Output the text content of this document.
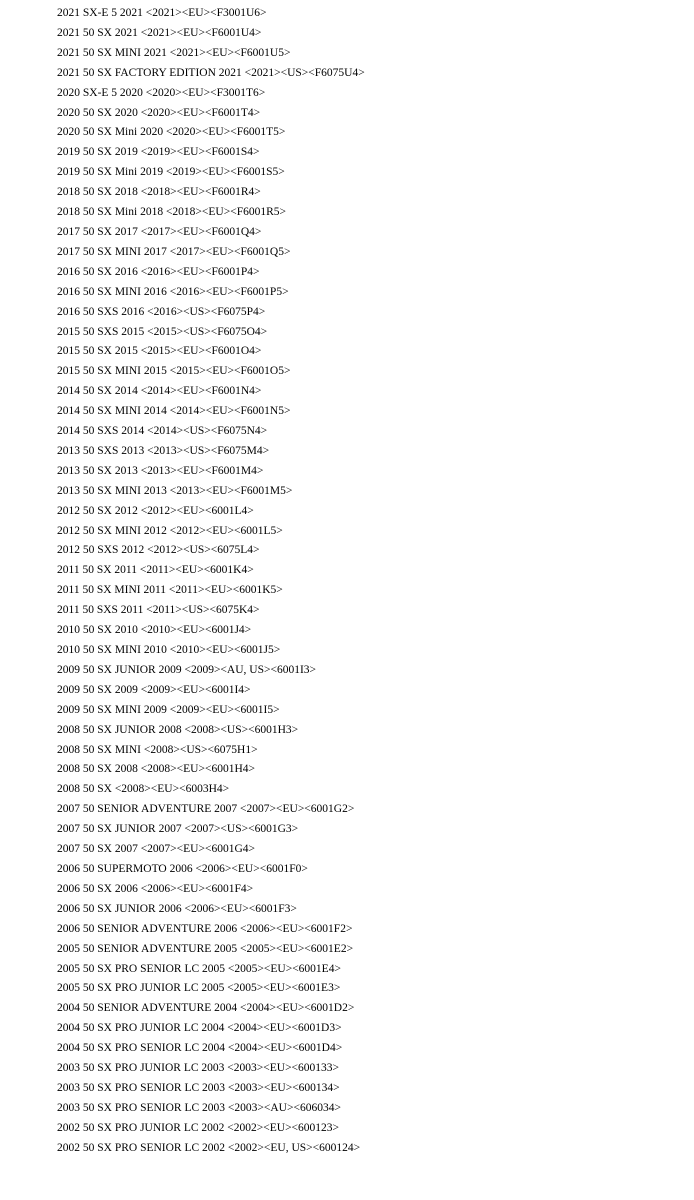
2021 SX-E 5 2021 <2021><EU><F3001U6>
2021 50 SX 2021 <2021><EU><F6001U4>
2021 50 SX MINI 2021 <2021><EU><F6001U5>
2021 50 SX FACTORY EDITION 2021 <2021><US><F6075U4>
2020 SX-E 5 2020 <2020><EU><F3001T6>
2020 50 SX 2020 <2020><EU><F6001T4>
2020 50 SX Mini 2020 <2020><EU><F6001T5>
2019 50 SX 2019 <2019><EU><F6001S4>
2019 50 SX Mini 2019 <2019><EU><F6001S5>
2018 50 SX 2018 <2018><EU><F6001R4>
2018 50 SX Mini 2018 <2018><EU><F6001R5>
2017 50 SX 2017 <2017><EU><F6001Q4>
2017 50 SX MINI 2017 <2017><EU><F6001Q5>
2016 50 SX 2016 <2016><EU><F6001P4>
2016 50 SX MINI 2016 <2016><EU><F6001P5>
2016 50 SXS 2016 <2016><US><F6075P4>
2015 50 SXS 2015 <2015><US><F6075O4>
2015 50 SX 2015 <2015><EU><F6001O4>
2015 50 SX MINI 2015 <2015><EU><F6001O5>
2014 50 SX 2014 <2014><EU><F6001N4>
2014 50 SX MINI 2014 <2014><EU><F6001N5>
2014 50 SXS 2014 <2014><US><F6075N4>
2013 50 SXS 2013 <2013><US><F6075M4>
2013 50 SX 2013 <2013><EU><F6001M4>
2013 50 SX MINI 2013 <2013><EU><F6001M5>
2012 50 SX 2012 <2012><EU><6001L4>
2012 50 SX MINI 2012 <2012><EU><6001L5>
2012 50 SXS 2012 <2012><US><6075L4>
2011 50 SX 2011 <2011><EU><6001K4>
2011 50 SX MINI 2011 <2011><EU><6001K5>
2011 50 SXS 2011 <2011><US><6075K4>
2010 50 SX 2010 <2010><EU><6001J4>
2010 50 SX MINI 2010 <2010><EU><6001J5>
2009 50 SX JUNIOR 2009 <2009><AU, US><6001I3>
2009 50 SX 2009 <2009><EU><6001I4>
2009 50 SX MINI 2009 <2009><EU><6001I5>
2008 50 SX JUNIOR 2008 <2008><US><6001H3>
2008 50 SX MINI <2008><US><6075H1>
2008 50 SX 2008 <2008><EU><6001H4>
2008 50 SX <2008><EU><6003H4>
2007 50 SENIOR ADVENTURE 2007 <2007><EU><6001G2>
2007 50 SX JUNIOR 2007 <2007><US><6001G3>
2007 50 SX 2007 <2007><EU><6001G4>
2006 50 SUPERMOTO 2006 <2006><EU><6001F0>
2006 50 SX 2006 <2006><EU><6001F4>
2006 50 SX JUNIOR 2006 <2006><EU><6001F3>
2006 50 SENIOR ADVENTURE 2006 <2006><EU><6001F2>
2005 50 SENIOR ADVENTURE 2005 <2005><EU><6001E2>
2005 50 SX PRO SENIOR LC 2005 <2005><EU><6001E4>
2005 50 SX PRO JUNIOR LC 2005 <2005><EU><6001E3>
2004 50 SENIOR ADVENTURE 2004 <2004><EU><6001D2>
2004 50 SX PRO JUNIOR LC 2004 <2004><EU><6001D3>
2004 50 SX PRO SENIOR LC 2004 <2004><EU><6001D4>
2003 50 SX PRO JUNIOR LC 2003 <2003><EU><600133>
2003 50 SX PRO SENIOR LC 2003 <2003><EU><600134>
2003 50 SX PRO SENIOR LC 2003 <2003><AU><606034>
2002 50 SX PRO JUNIOR LC 2002 <2002><EU><600123>
2002 50 SX PRO SENIOR LC 2002 <2002><EU, US><600124>
